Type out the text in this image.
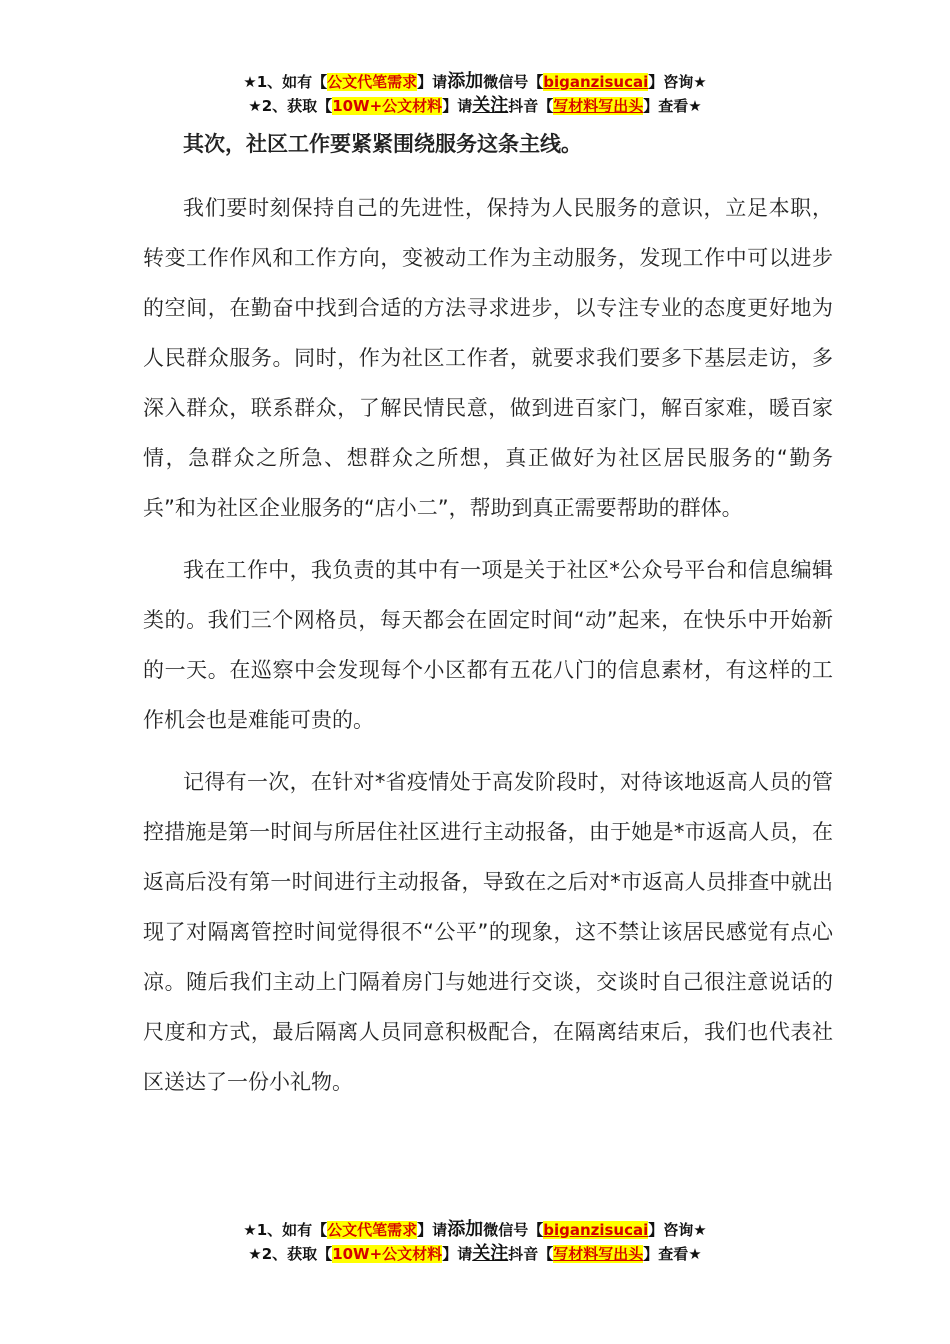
★1、如有【公文代笔需求】请添加微信号【biganzisucai】咨询★
★2、获取【10W+公文材料】请关注抖音【写材料写出头】查看★

其次，社区工作要紧紧围绕服务这条主线。

我们要时刻保持自己的先进性，保持为人民服务的意识，立足本职，转变工作作风和工作方向，变被动工作为主动服务，发现工作中可以进步的空间，在勤奋中找到合适的方法寻求进步，以专注专业的态度更好地为人民群众服务。同时，作为社区工作者，就要求我们要多下基层走访，多深入群众，联系群众，了解民情民意，做到进百家门，解百家难，暖百家情，急群众之所急、想群众之所想，真正做好为社区居民服务的“勤务兵”和为社区企业服务的“店小二”，帮助到真正需要帮助的群体。

我在工作中，我负责的其中有一项是关于社区*公众号平台和信息编辑类的。我们三个网格员，每天都会在固定时间“动”起来，在快乐中开始新的一天。在巡察中会发现每个小区都有五花八门的信息素材，有这样的工作机会也是难能可贵的。

记得有一次，在针对*省疫情处于高发阶段时，对待该地返高人员的管控措施是第一时间与所居住社区进行主动报备，由于她是*市返高人员，在返高后没有第一时间进行主动报备，导致在之后对*市返高人员排查中就出现了对隔离管控时间觉得很不“公平”的现象，这不禁让该居民感觉有点心凉。随后我们主动上门隔着房门与她进行交谈，交谈时自己很注意说话的尺度和方式，最后隔离人员同意积极配合，在隔离结束后，我们也代表社区送达了一份小礼物。

★1、如有【公文代笔需求】请添加微信号【biganzisucai】咨询★
★2、获取【10W+公文材料】请关注抖音【写材料写出头】查看★
